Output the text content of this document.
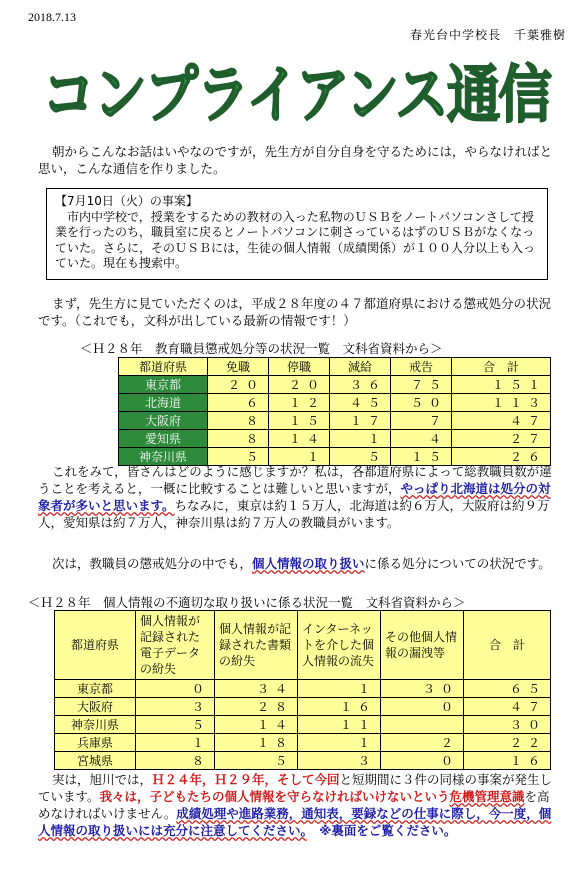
2018.7.13
春光台中学校長　千葉雅樹
コンプライアンス通信
朝からこんなお話はいやなのですが，先生方が自分自身を守るためには，やらなければと思い，こんな通信を作りました。
【7月10日（火）の事案】
市内中学校で，授業をするための教材の入った私物のＵＳＢをノートパソコンさして授業を行ったのち，職員室に戻るとノートパソコンに刺さっているはずのＵＳＢがなくなっていた。さらに，そのＵＳＢには，生徒の個人情報（成績関係）が１００人分以上も入っていた。現在も捜索中。
まず，先生方に見ていただくのは，平成２８年度の４７都道府県における懲戒処分の状況です。（これでも，文科が出している最新の情報です！）
＜Ｈ２８年　教育職員懲戒処分等の状況一覧　文科省資料から＞
都道府県	免職	停職	減給	戒告	合　計
東京都	２０	２０	３６	７５	１５１
北海道	６	１２	４５	５０	１１３
大阪府	８	１５	１７	７	４７
愛知県	８	１４	１	４	２７
神奈川県	５	１	５	１５	２６
これをみて，皆さんはどのように感じますか？私は，各都道府県によって総教職員数が違うことを考えると，一概に比較することは難しいと思いますが，やっぱり北海道は処分の対象者が多いと思います。ちなみに，東京は約１５万人，北海道は約６万人，大阪府は約９万人，愛知県は約７万人，神奈川県は約７万人の教職員がいます。
次は，教職員の懲戒処分の中でも，個人情報の取り扱いに係る処分についての状況です。
＜Ｈ２８年　個人情報の不適切な取り扱いに係る状況一覧　文科省資料から＞
都道府県	個人情報が記録された電子データの紛失	個人情報が記録された書類の紛失	インターネットを介した個人情報の流失	その他個人情報の漏洩等	合　計
東京都	０	３４	１	３０	６５
大阪府	３	２８	１６	０	４７
神奈川県	５	１４	１１		３０
兵庫県	１	１８	１	２	２２
宮城県	８	５	３	０	１６
実は，旭川では，Ｈ２４年，Ｈ２９年，そして今回と短期間に３件の同様の事案が発生しています。我々は，子どもたちの個人情報を守らなければいけないという危機管理意識を高めなければいけません。成績処理や進路業務，通知表，要録などの仕事に際し，今一度，個人情報の取り扱いには充分に注意してください。　※裏面をご覧ください。
